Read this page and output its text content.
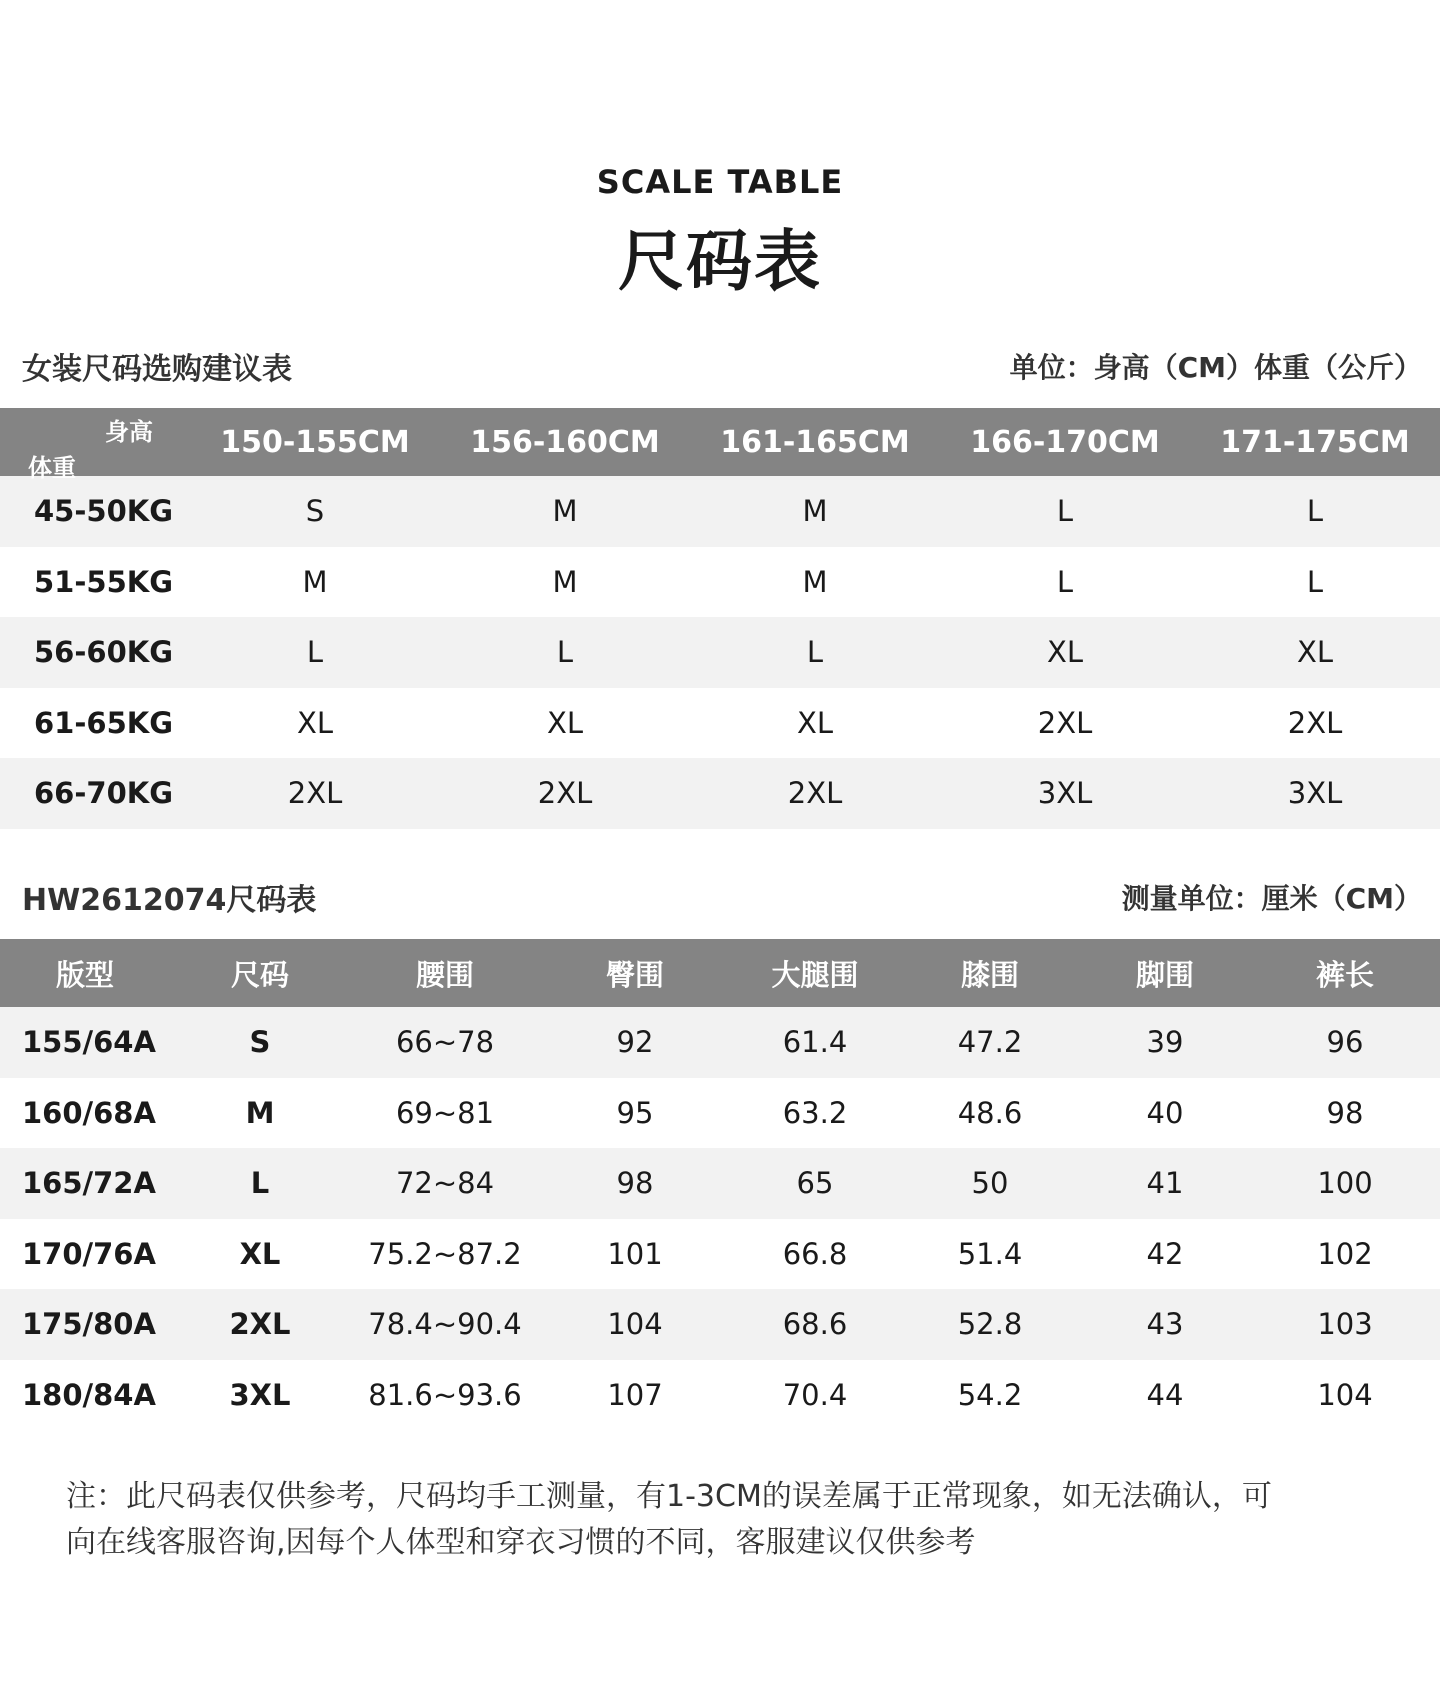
SCALE TABLE
尺码表
女装尺码选购建议表	单位：身高（CM）体重（公斤）
身高
体重	150-155CM	156-160CM	161-165CM	166-170CM	171-175CM
45-50KG	S	M	M	L	L
51-55KG	M	M	M	L	L
56-60KG	L	L	L	XL	XL
61-65KG	XL	XL	XL	2XL	2XL
66-70KG	2XL	2XL	2XL	3XL	3XL
HW2612074尺码表	测量单位：厘米（CM）
版型	尺码	腰围	臀围	大腿围	膝围	脚围	裤长
155/64A	S	66~78	92	61.4	47.2	39	96
160/68A	M	69~81	95	63.2	48.6	40	98
165/72A	L	72~84	98	65	50	41	100
170/76A	XL	75.2~87.2	101	66.8	51.4	42	102
175/80A	2XL	78.4~90.4	104	68.6	52.8	43	103
180/84A	3XL	81.6~93.6	107	70.4	54.2	44	104
注：此尺码表仅供参考，尺码均手工测量，有1-3CM的误差属于正常现象，如无法确认，可
向在线客服咨询,因每个人体型和穿衣习惯的不同，客服建议仅供参考
